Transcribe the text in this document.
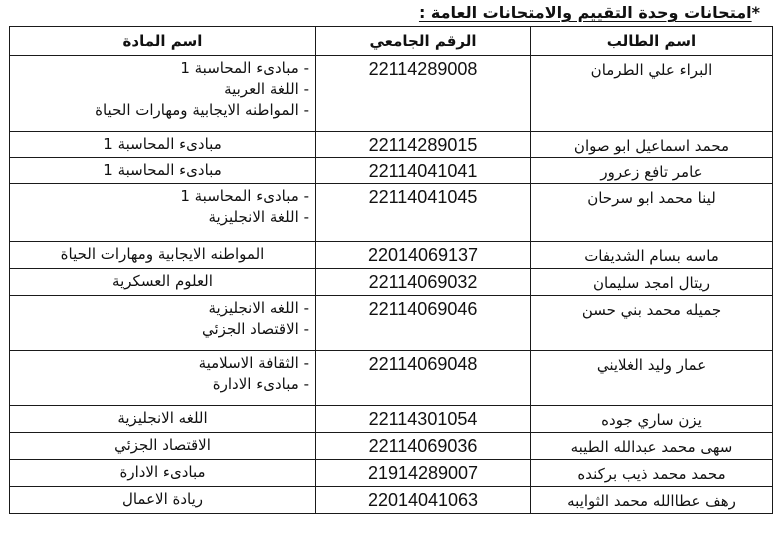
*امتحانات وحدة التقييم والامتحانات العامة :
اسم الطالب	الرقم الجامعي	اسم المادة
البراء علي الطرمان	22114289008	- مبادىء المحاسبة 1
- اللغة العربية
- المواطنه الايجابية ومهارات الحياة

محمد اسماعيل ابو صوان	22114289015	مبادىء المحاسبة 1

عامر تافع زعرور	22114041041	مبادىء المحاسبة 1

لينا محمد ابو سرحان	22114041045	- مبادىء المحاسبة 1
- اللغة الانجليزية

ماسه بسام الشديفات	22014069137	المواطنه الايجابية ومهارات الحياة

ريتال امجد سليمان	22114069032	العلوم العسكرية

جميله محمد بني حسن	22114069046	- اللغه الانجليزية
- الاقتصاد الجزئي

عمار وليد الغلايني	22114069048	- الثقافة الاسلامية
- مبادىء الادارة

يزن ساري جوده	22114301054	اللغه الانجليزية

سهى محمد عبدالله الطيبه	22114069036	الاقتصاد الجزئي

محمد محمد ذيب بركنده	21914289007	مبادىء الادارة

رهف عطاالله محمد الثوايبه	22014041063	ريادة الاعمال
